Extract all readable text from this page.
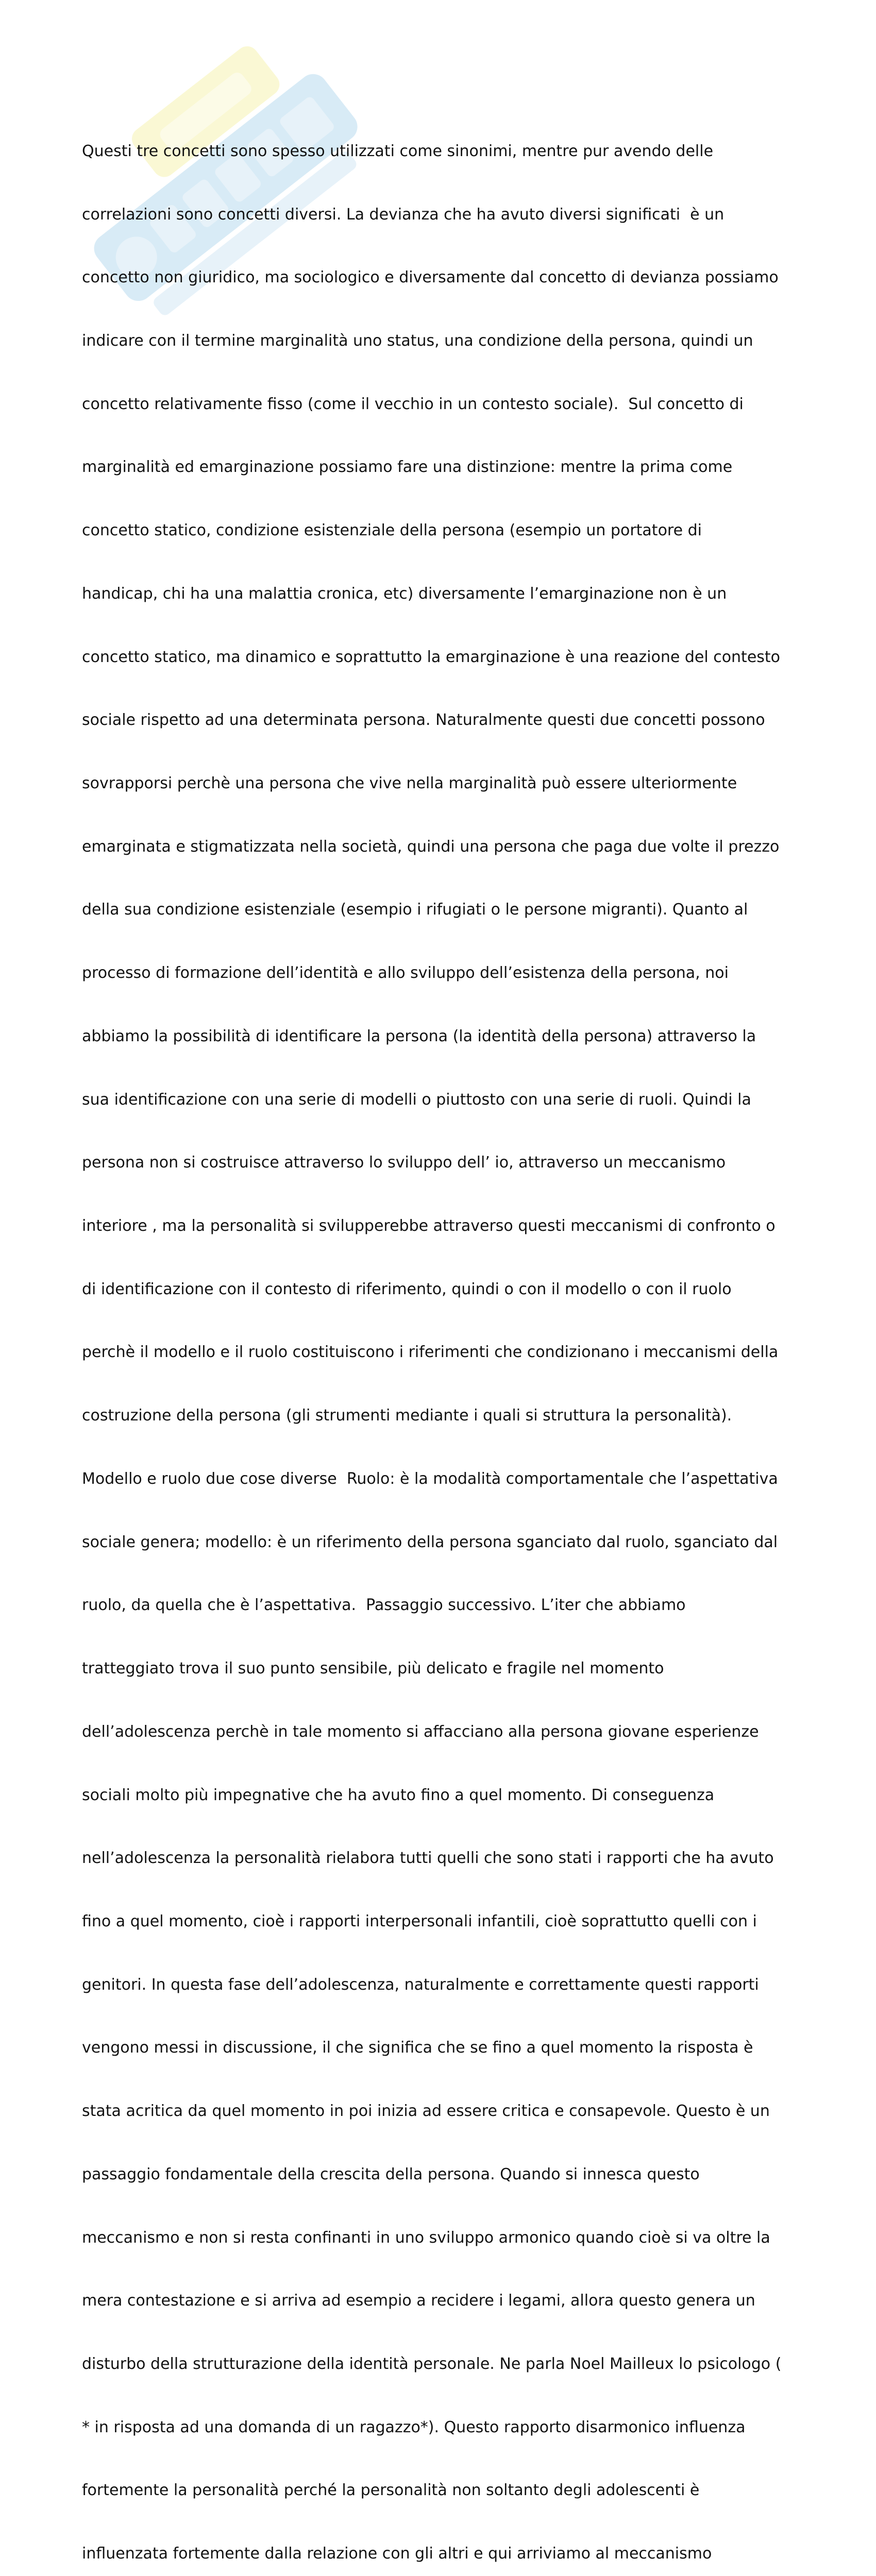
Questi tre concetti sono spesso utilizzati come sinonimi, mentre pur avendo delle

correlazioni sono concetti diversi. La devianza che ha avuto diversi significati  è un

concetto non giuridico, ma sociologico e diversamente dal concetto di devianza possiamo

indicare con il termine marginalità uno status, una condizione della persona, quindi un

concetto relativamente fisso (come il vecchio in un contesto sociale).  Sul concetto di

marginalità ed emarginazione possiamo fare una distinzione: mentre la prima come

concetto statico, condizione esistenziale della persona (esempio un portatore di

handicap, chi ha una malattia cronica, etc) diversamente l’emarginazione non è un

concetto statico, ma dinamico e soprattutto la emarginazione è una reazione del contesto

sociale rispetto ad una determinata persona. Naturalmente questi due concetti possono

sovrapporsi perchè una persona che vive nella marginalità può essere ulteriormente

emarginata e stigmatizzata nella società, quindi una persona che paga due volte il prezzo

della sua condizione esistenziale (esempio i rifugiati o le persone migranti). Quanto al

processo di formazione dell’identità e allo sviluppo dell’esistenza della persona, noi

abbiamo la possibilità di identificare la persona (la identità della persona) attraverso la

sua identificazione con una serie di modelli o piuttosto con una serie di ruoli. Quindi la

persona non si costruisce attraverso lo sviluppo dell’ io, attraverso un meccanismo

interiore , ma la personalità si svilupperebbe attraverso questi meccanismi di confronto o

di identificazione con il contesto di riferimento, quindi o con il modello o con il ruolo

perchè il modello e il ruolo costituiscono i riferimenti che condizionano i meccanismi della

costruzione della persona (gli strumenti mediante i quali si struttura la personalità).

Modello e ruolo due cose diverse  Ruolo: è la modalità comportamentale che l’aspettativa

sociale genera; modello: è un riferimento della persona sganciato dal ruolo, sganciato dal

ruolo, da quella che è l’aspettativa.  Passaggio successivo. L’iter che abbiamo

tratteggiato trova il suo punto sensibile, più delicato e fragile nel momento

dell’adolescenza perchè in tale momento si affacciano alla persona giovane esperienze

sociali molto più impegnative che ha avuto fino a quel momento. Di conseguenza

nell’adolescenza la personalità rielabora tutti quelli che sono stati i rapporti che ha avuto

fino a quel momento, cioè i rapporti interpersonali infantili, cioè soprattutto quelli con i

genitori. In questa fase dell’adolescenza, naturalmente e correttamente questi rapporti

vengono messi in discussione, il che significa che se fino a quel momento la risposta è

stata acritica da quel momento in poi inizia ad essere critica e consapevole. Questo è un

passaggio fondamentale della crescita della persona. Quando si innesca questo

meccanismo e non si resta confinanti in uno sviluppo armonico quando cioè si va oltre la

mera contestazione e si arriva ad esempio a recidere i legami, allora questo genera un

disturbo della strutturazione della identità personale. Ne parla Noel Mailleux lo psicologo (

* in risposta ad una domanda di un ragazzo*). Questo rapporto disarmonico influenza

fortemente la personalità perché la personalità non soltanto degli adolescenti è

influenzata fortemente dalla relazione con gli altri e qui arriviamo al meccanismo
